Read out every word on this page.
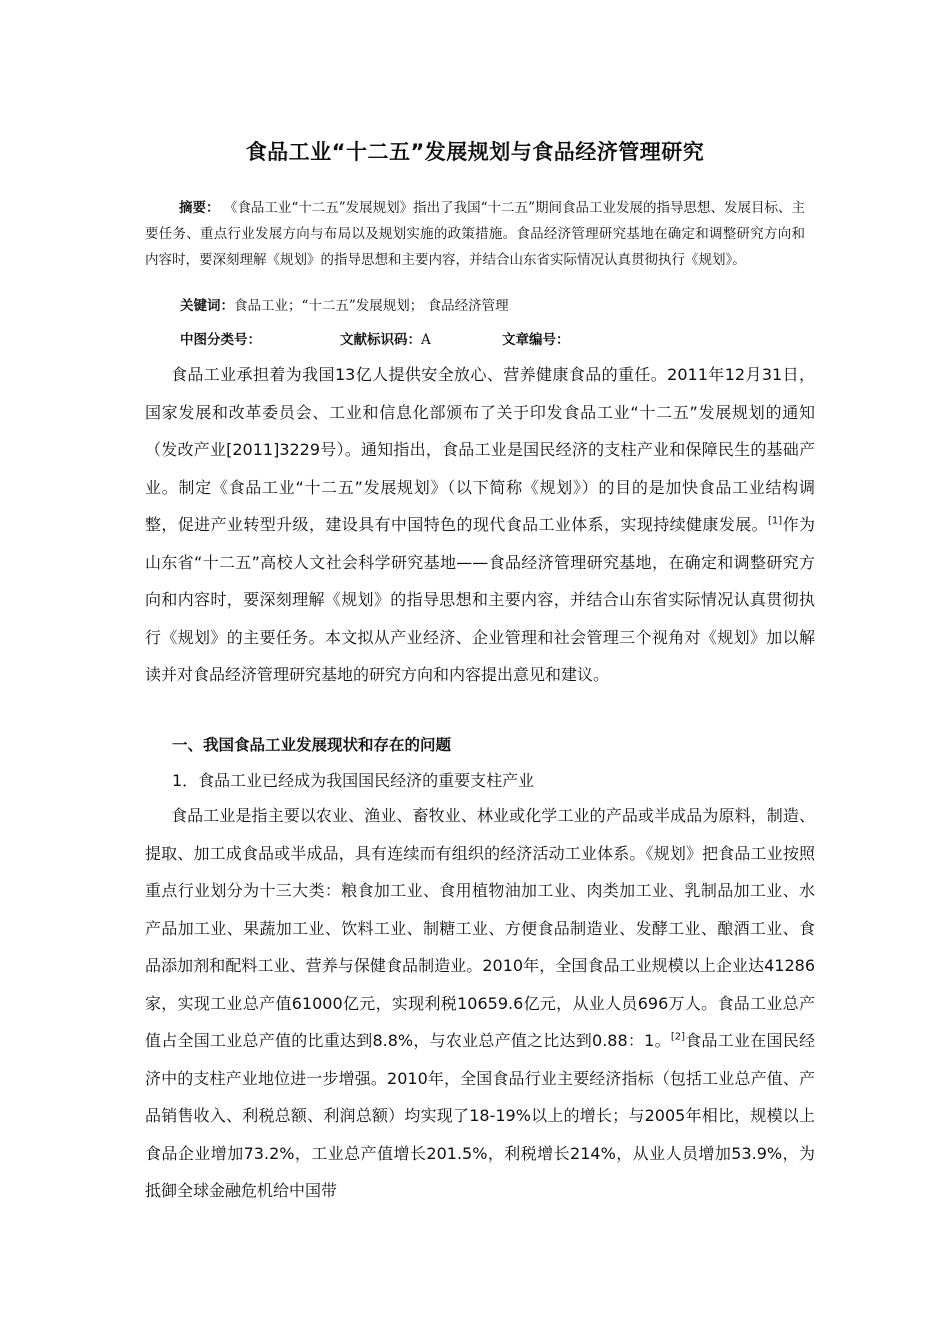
食品工业“十二五”发展规划与食品经济管理研究
摘要： 《食品工业“十二五”发展规划》指出了我国“十二五”期间食品工业发展的指导思想、发展目标、主要任务、重点行业发展方向与布局以及规划实施的政策措施。食品经济管理研究基地在确定和调整研究方向和内容时，要深刻理解《规划》的指导思想和主要内容，并结合山东省实际情况认真贯彻执行《规划》。
关键词：食品工业；“十二五”发展规划； 食品经济管理
中图分类号：	文献标识码：A	文章编号：

食品工业承担着为我国13亿人提供安全放心、营养健康食品的重任。2011年12月31日，国家发展和改革委员会、工业和信息化部颁布了关于印发食品工业“十二五”发展规划的通知（发改产业[2011]3229号）。通知指出，食品工业是国民经济的支柱产业和保障民生的基础产业。制定《食品工业“十二五”发展规划》（以下简称《规划》）的目的是加快食品工业结构调整，促进产业转型升级，建设具有中国特色的现代食品工业体系，实现持续健康发展。[1]作为山东省“十二五”高校人文社会科学研究基地——食品经济管理研究基地，在确定和调整研究方向和内容时，要深刻理解《规划》的指导思想和主要内容，并结合山东省实际情况认真贯彻执行《规划》的主要任务。本文拟从产业经济、企业管理和社会管理三个视角对《规划》加以解读并对食品经济管理研究基地的研究方向和内容提出意见和建议。

一、我国食品工业发展现状和存在的问题
1．食品工业已经成为我国国民经济的重要支柱产业

食品工业是指主要以农业、渔业、畜牧业、林业或化学工业的产品或半成品为原料，制造、提取、加工成食品或半成品，具有连续而有组织的经济活动工业体系。《规划》把食品工业按照重点行业划分为十三大类：粮食加工业、食用植物油加工业、肉类加工业、乳制品加工业、水产品加工业、果蔬加工业、饮料工业、制糖工业、方便食品制造业、发酵工业、酿酒工业、食品添加剂和配料工业、营养与保健食品制造业。2010年，全国食品工业规模以上企业达41286家，实现工业总产值61000亿元，实现利税10659.6亿元，从业人员696万人。食品工业总产值占全国工业总产值的比重达到8.8%，与农业总产值之比达到0.88：1。[2]食品工业在国民经济中的支柱产业地位进一步增强。2010年，全国食品行业主要经济指标（包括工业总产值、产品销售收入、利税总额、利润总额）均实现了18-19%以上的增长；与2005年相比，规模以上食品企业增加73.2%，工业总产值增长201.5%，利税增长214%，从业人员增加53.9%，为抵御全球金融危机给中国带
